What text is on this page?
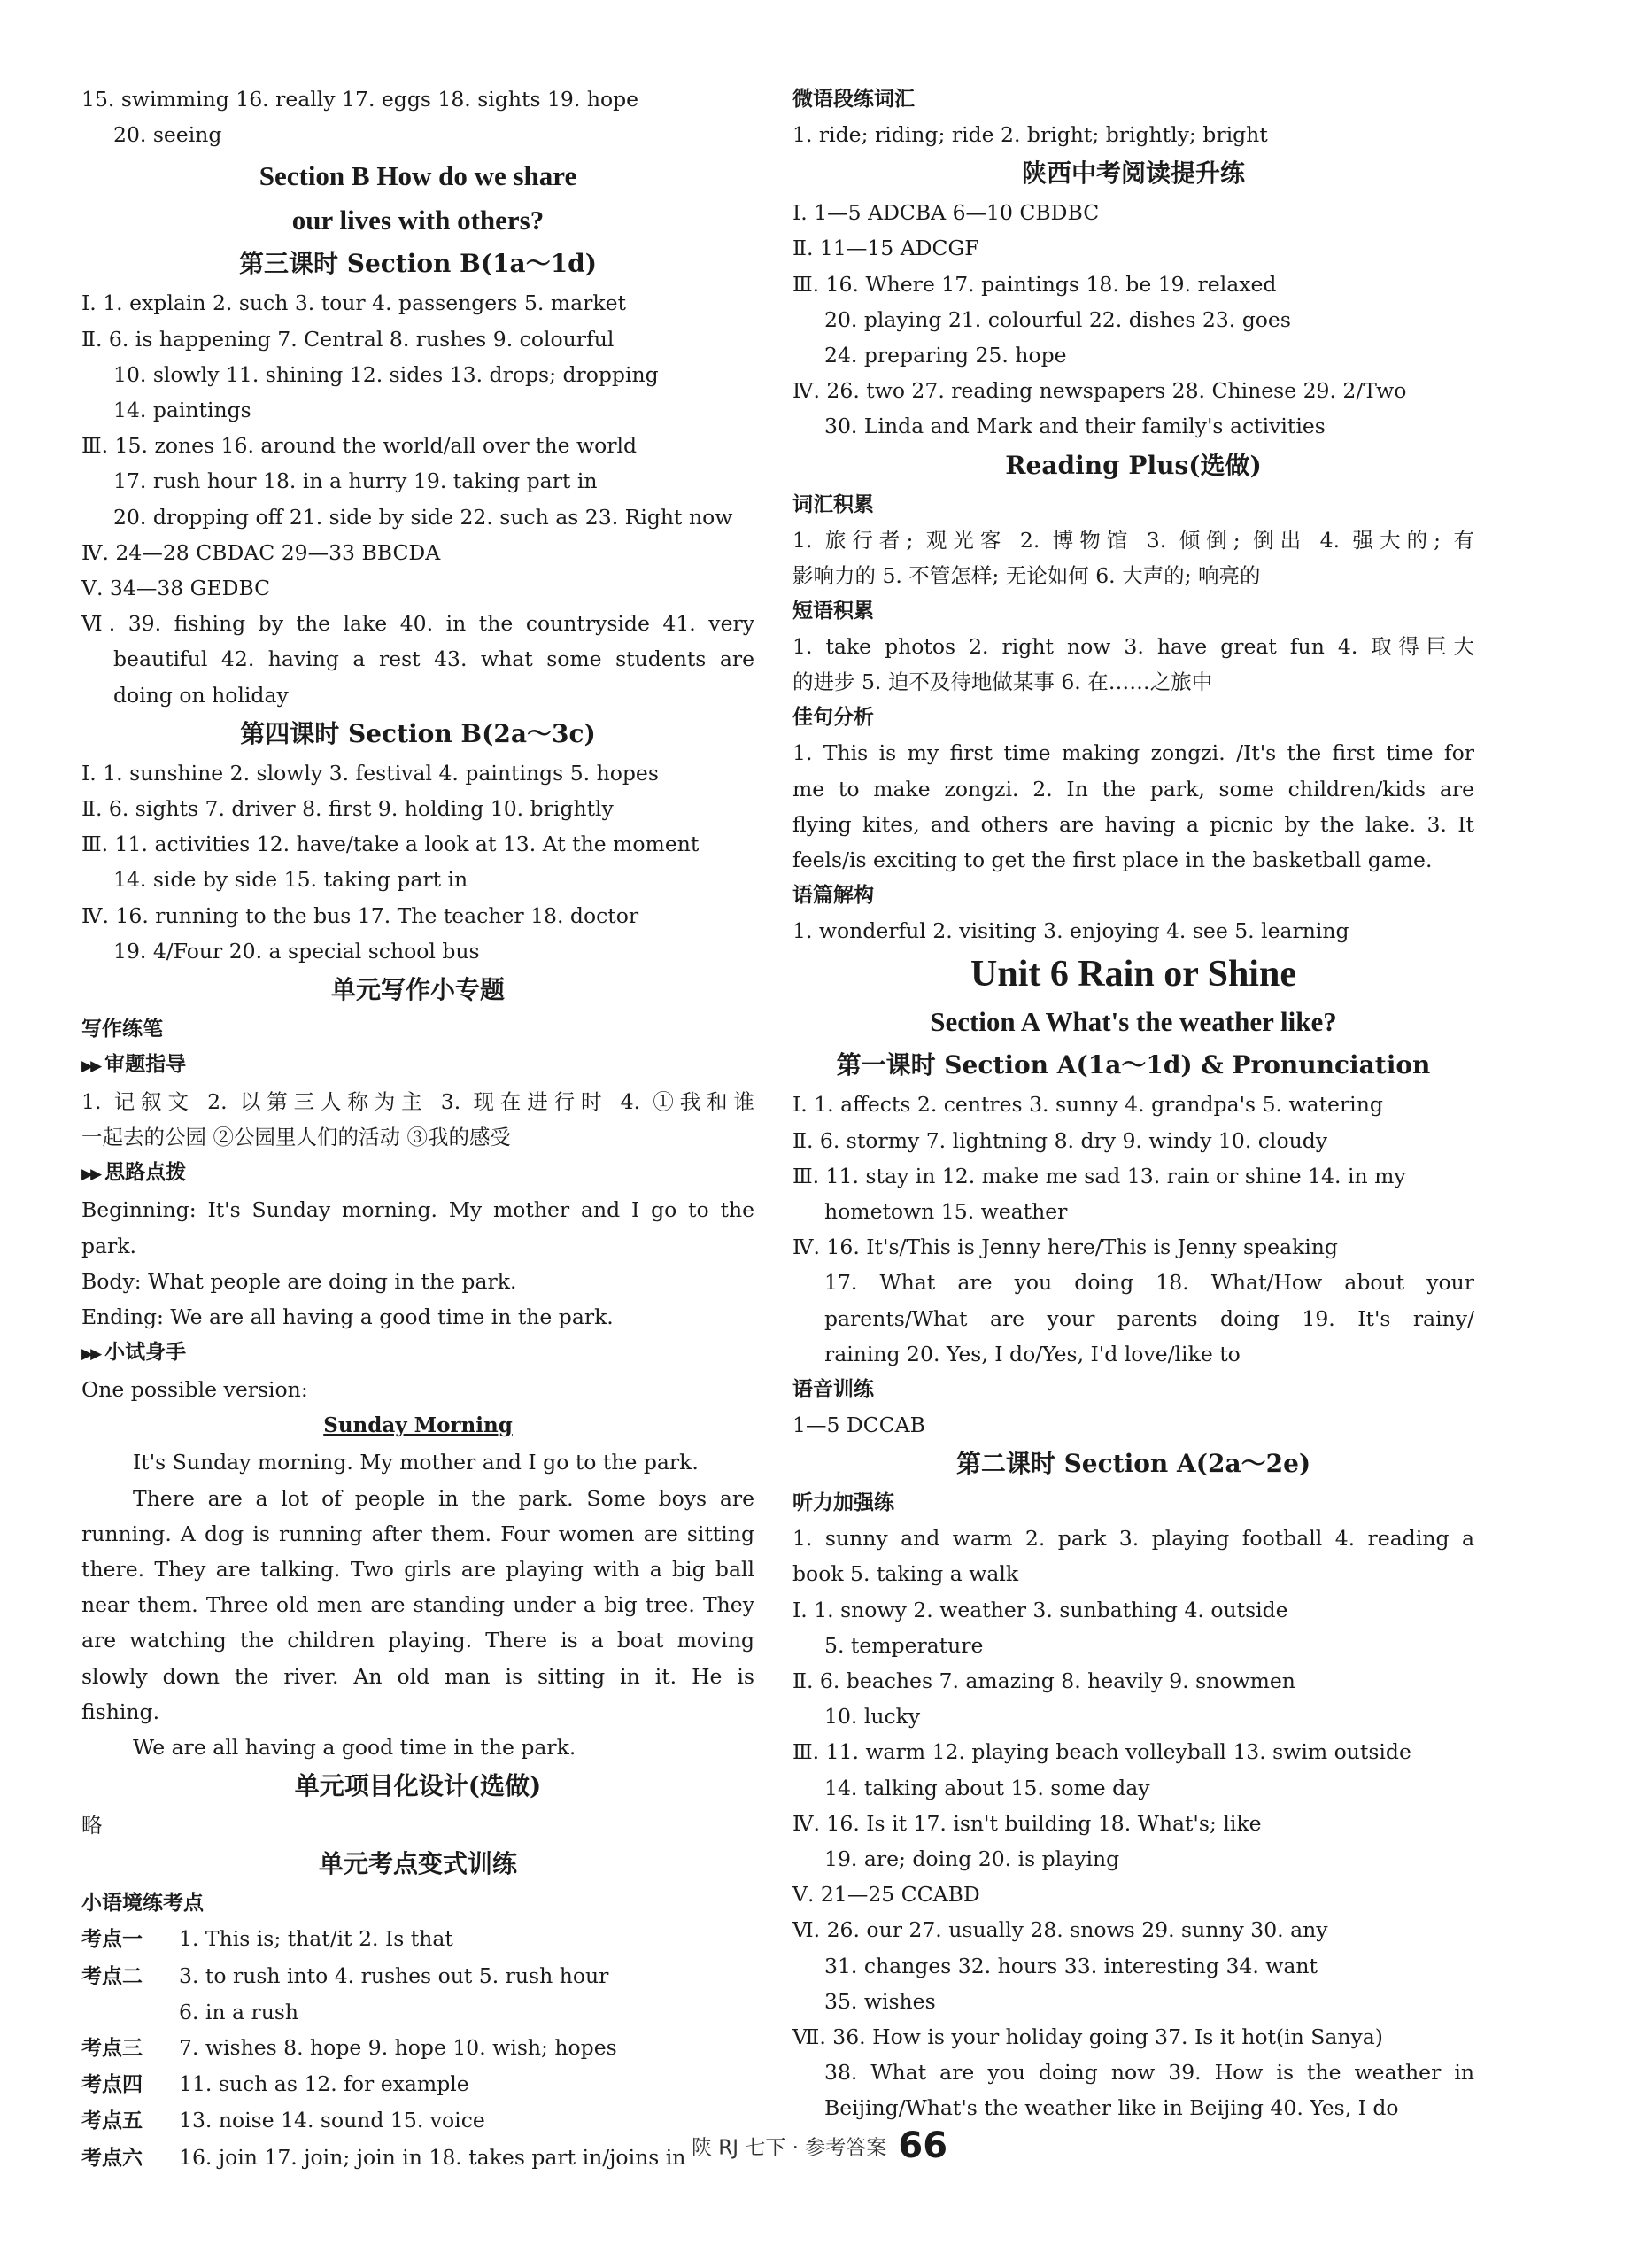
15. swimming 16. really 17. eggs 18. sights 19. hope
20. seeing
Section B How do we share
our lives with others?
第三课时 Section B(1a～1d)
Ⅰ. 1. explain 2. such 3. tour 4. passengers 5. market
Ⅱ. 6. is happening 7. Central 8. rushes 9. colourful
10. slowly 11. shining 12. sides 13. drops; dropping
14. paintings
Ⅲ. 15. zones 16. around the world/all over the world
17. rush hour 18. in a hurry 19. taking part in
20. dropping off 21. side by side 22. such as 23. Right now
Ⅳ. 24—28 CBDAC 29—33 BBCDA
Ⅴ. 34—38 GEDBC
Ⅵ. 39. fishing by the lake 40. in the countryside 41. very
beautiful 42. having a rest 43. what some students are
doing on holiday
第四课时 Section B(2a～3c)
Ⅰ. 1. sunshine 2. slowly 3. festival 4. paintings 5. hopes
Ⅱ. 6. sights 7. driver 8. first 9. holding 10. brightly
Ⅲ. 11. activities 12. have/take a look at 13. At the moment
14. side by side 15. taking part in
Ⅳ. 16. running to the bus 17. The teacher 18. doctor
19. 4/Four 20. a special school bus
单元写作小专题
写作练笔
▶▶ 审题指导
1. 记叙文 2. 以第三人称为主 3. 现在进行时 4. ①我和谁
一起去的公园 ②公园里人们的活动 ③我的感受
▶▶ 思路点拨
Beginning: It's Sunday morning. My mother and I go to the
park.
Body: What people are doing in the park.
Ending: We are all having a good time in the park.
▶▶ 小试身手
One possible version:
Sunday Morning
It's Sunday morning. My mother and I go to the park.
There are a lot of people in the park. Some boys are
running. A dog is running after them. Four women are sitting
there. They are talking. Two girls are playing with a big ball
near them. Three old men are standing under a big tree. They
are watching the children playing. There is a boat moving
slowly down the river. An old man is sitting in it. He is
fishing.
We are all having a good time in the park.
单元项目化设计(选做)
略
单元考点变式训练
小语境练考点
考点一 1. This is; that/it 2. Is that
考点二 3. to rush into 4. rushes out 5. rush hour
6. in a rush
考点三 7. wishes 8. hope 9. hope 10. wish; hopes
考点四 11. such as 12. for example
考点五 13. noise 14. sound 15. voice
考点六 16. join 17. join; join in 18. takes part in/joins in
微语段练词汇
1. ride; riding; ride 2. bright; brightly; bright
陕西中考阅读提升练
Ⅰ. 1—5 ADCBA 6—10 CBDBC
Ⅱ. 11—15 ADCGF
Ⅲ. 16. Where 17. paintings 18. be 19. relaxed
20. playing 21. colourful 22. dishes 23. goes
24. preparing 25. hope
Ⅳ. 26. two 27. reading newspapers 28. Chinese 29. 2/Two
30. Linda and Mark and their family's activities
Reading Plus(选做)
词汇积累
1. 旅行者; 观光客 2. 博物馆 3. 倾倒; 倒出 4. 强大的; 有
影响力的 5. 不管怎样; 无论如何 6. 大声的; 响亮的
短语积累
1. take photos 2. right now 3. have great fun 4. 取得巨大
的进步 5. 迫不及待地做某事 6. 在……之旅中
佳句分析
1. This is my first time making zongzi. /It's the first time for
me to make zongzi. 2. In the park, some children/kids are
flying kites, and others are having a picnic by the lake. 3. It
feels/is exciting to get the first place in the basketball game.
语篇解构
1. wonderful 2. visiting 3. enjoying 4. see 5. learning
Unit 6 Rain or Shine
Section A What's the weather like?
第一课时 Section A(1a～1d) & Pronunciation
Ⅰ. 1. affects 2. centres 3. sunny 4. grandpa's 5. watering
Ⅱ. 6. stormy 7. lightning 8. dry 9. windy 10. cloudy
Ⅲ. 11. stay in 12. make me sad 13. rain or shine 14. in my
hometown 15. weather
Ⅳ. 16. It's/This is Jenny here/This is Jenny speaking
17. What are you doing 18. What/How about your
parents/What are your parents doing 19. It's rainy/
raining 20. Yes, I do/Yes, I'd love/like to
语音训练
1—5 DCCAB
第二课时 Section A(2a～2e)
听力加强练
1. sunny and warm 2. park 3. playing football 4. reading a
book 5. taking a walk
Ⅰ. 1. snowy 2. weather 3. sunbathing 4. outside
5. temperature
Ⅱ. 6. beaches 7. amazing 8. heavily 9. snowmen
10. lucky
Ⅲ. 11. warm 12. playing beach volleyball 13. swim outside
14. talking about 15. some day
Ⅳ. 16. Is it 17. isn't building 18. What's; like
19. are; doing 20. is playing
Ⅴ. 21—25 CCABD
Ⅵ. 26. our 27. usually 28. snows 29. sunny 30. any
31. changes 32. hours 33. interesting 34. want
35. wishes
Ⅶ. 36. How is your holiday going 37. Is it hot(in Sanya)
38. What are you doing now 39. How is the weather in
Beijing/What's the weather like in Beijing 40. Yes, I do
陕 RJ 七下 · 参考答案 66
